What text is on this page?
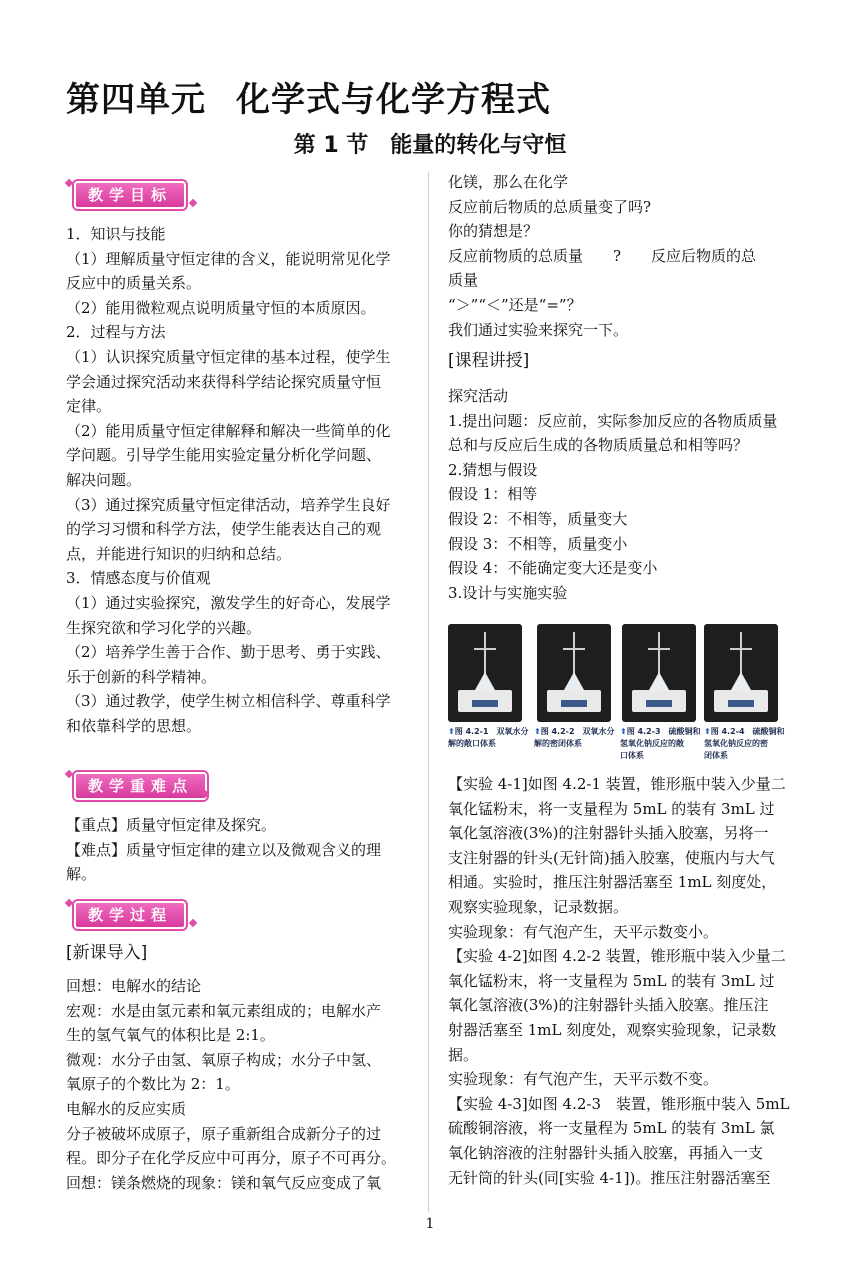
第四单元 化学式与化学方程式
第 1 节　能量的转化与守恒
教学目标

1．知识与技能

（1）理解质量守恒定律的含义，能说明常见化学

反应中的质量关系。

（2）能用微粒观点说明质量守恒的本质原因。

2．过程与方法

（1）认识探究质量守恒定律的基本过程，使学生

学会通过探究活动来获得科学结论探究质量守恒

定律。

（2）能用质量守恒定律解释和解决一些简单的化

学问题。引导学生能用实验定量分析化学问题、

解决问题。

（3）通过探究质量守恒定律活动，培养学生良好

的学习习惯和科学方法，使学生能表达自己的观

点，并能进行知识的归纳和总结。

3．情感态度与价值观

（1）通过实验探究，激发学生的好奇心，发展学

生探究欲和学习化学的兴趣。

（2）培养学生善于合作、勤于思考、勇于实践、

乐于创新的科学精神。

（3）通过教学，使学生树立相信科学、尊重科学

和依靠科学的思想。

教学重难点

【重点】质量守恒定律及探究。

【难点】质量守恒定律的建立以及微观含义的理

解。

教学过程
[新课导入]

回想：电解水的结论

宏观：水是由氢元素和氧元素组成的；电解水产

生的氢气氧气的体积比是 2:1。

微观：水分子由氢、氧原子构成；水分子中氢、

氧原子的个数比为 2：1。

电解水的反应实质

分子被破坏成原子，原子重新组合成新分子的过

程。即分子在化学反应中可再分，原子不可再分。

回想：镁条燃烧的现象：镁和氧气反应变成了氧

化镁，那么在化学

反应前后物质的总质量变了吗?

你的猜想是？

反应前物质的总质量　　?　　反应后物质的总

质量

“＞”“＜”还是“=”？

我们通过实验来探究一下。

[课程讲授]

探究活动

1.提出问题：反应前，实际参加反应的各物质质量

总和与反应后生成的各物质质量总和相等吗？

2.猜想与假设

假设 1：相等

假设 2：不相等，质量变大

假设 3：不相等，质量变小

假设 4：不能确定变大还是变小

3.设计与实施实验

⬆图 4.2-1　双氧水分
解的敞口体系
⬆图 4.2-2　双氧水分
解的密闭体系
⬆图 4.2-3　硫酸铜和
氢氧化钠反应的敞
口体系
⬆图 4.2-4　硫酸铜和
氢氧化钠反应的密
闭体系

【实验 4-1]如图 4.2-1 装置，锥形瓶中装入少量二

氧化锰粉末，将一支量程为 5mL 的装有 3mL 过

氧化氢溶液(3%)的注射器针头插入胶塞，另将一

支注射器的针头(无针筒)插入胶塞，使瓶内与大气

相通。实验时，推压注射器活塞至 1mL 刻度处，

观察实验现象，记录数据。

实验现象：有气泡产生，天平示数变小。

【实验 4-2]如图 4.2-2 装置，锥形瓶中装入少量二

氧化锰粉末，将一支量程为 5mL 的装有 3mL 过

氧化氢溶液(3%)的注射器针头插入胶塞。推压注

射器活塞至 1mL 刻度处，观察实验现象，记录数

据。

实验现象：有气泡产生，天平示数不变。

【实验 4-3]如图 4.2-3　装置，锥形瓶中装入 5mL

硫酸铜溶液，将一支量程为 5mL 的装有 3mL 氯

氧化钠溶液的注射器针头插入胶塞，再插入一支

无针筒的针头(同[实验 4-1])。推压注射器活塞至

1
